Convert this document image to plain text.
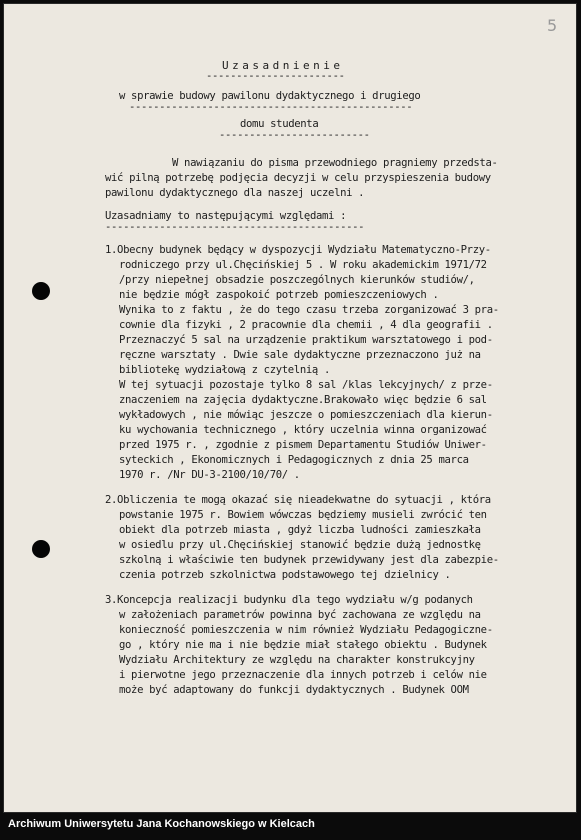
5
Uzasadnienie
-----------------------
w sprawie budowy pawilonu dydaktycznego i drugiego
-----------------------------------------------
domu studenta
-------------------------
W nawiązaniu do pisma przewodniego pragniemy przedsta-
wić pilną potrzebę podjęcia decyzji w celu przyspieszenia budowy
pawilonu dydaktycznego dla naszej uczelni .
Uzasadniamy to następującymi względami :
-------------------------------------------
1.Obecny budynek będący w dyspozycji Wydziału Matematyczno-Przy-
rodniczego przy ul.Chęcińskiej 5 . W roku akademickim 1971/72
/przy niepełnej obsadzie poszczególnych kierunków studiów/,
nie będzie mógł zaspokoić potrzeb pomieszczeniowych .
Wynika to z faktu , że do tego czasu trzeba zorganizować 3 pra-
cownie dla fizyki , 2 pracownie dla chemii , 4 dla geografii .
Przeznaczyć 5 sal na urządzenie praktikum warsztatowego i pod-
ręczne warsztaty . Dwie sale dydaktyczne przeznaczono już na
bibliotekę wydziałową z czytelnią .
W tej sytuacji pozostaje tylko 8 sal /klas lekcyjnych/ z prze-
znaczeniem na zajęcia dydaktyczne.Brakowało więc będzie 6 sal
wykładowych , nie mówiąc jeszcze o pomieszczeniach dla kierun-
ku wychowania technicznego , który uczelnia winna organizować
przed 1975 r. , zgodnie z pismem Departamentu Studiów Uniwer-
syteckich , Ekonomicznych i Pedagogicznych z dnia 25 marca
1970 r. /Nr DU-3-2100/10/70/ .
2.Obliczenia te mogą okazać się nieadekwatne do sytuacji , która
powstanie 1975 r. Bowiem wówczas będziemy musieli zwrócić ten
obiekt dla potrzeb miasta , gdyż liczba ludności zamieszkała
w osiedlu przy ul.Chęcińskiej stanowić będzie dużą jednostkę
szkolną i właściwie ten budynek przewidywany jest dla zabezpie-
czenia potrzeb szkolnictwa podstawowego tej dzielnicy .
3.Koncepcja realizacji budynku dla tego wydziału w/g podanych
w założeniach parametrów powinna być zachowana ze względu na
konieczność pomieszczenia w nim również Wydziału Pedagogiczne-
go , który nie ma i nie będzie miał stałego obiektu . Budynek
Wydziału Architektury ze względu na charakter konstrukcyjny
i pierwotne jego przeznaczenie dla innych potrzeb i celów nie
może być adaptowany do funkcji dydaktycznych . Budynek OOM
Archiwum Uniwersytetu Jana Kochanowskiego w Kielcach
